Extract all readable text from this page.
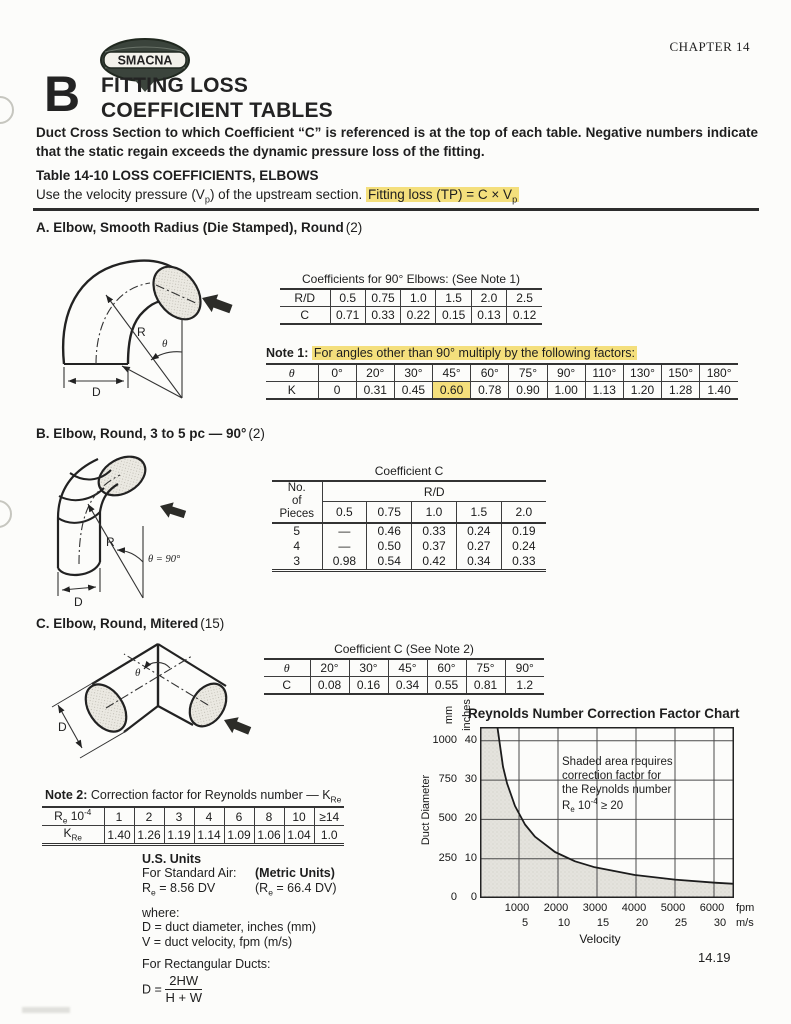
CHAPTER 14
SMACNA
B FITTING LOSS
COEFFICIENT TABLES

Duct Cross Section to which Coefficient “C” is referenced is at the top of each table. Negative numbers indicate that the static regain exceeds the dynamic pressure loss of the fitting.

Table 14-10 LOSS COEFFICIENTS, ELBOWS
Use the velocity pressure $(V_p)$ of the upstream section. Fitting loss $(TP) = C \times V_p$
A. Elbow, Smooth Radius (Die Stamped), Round (2)
R
θ
D
Coefficients for 90° Elbows: (See Note 1)
R/D	0.5	0.75	1.0	1.5	2.0	2.5
C	0.71	0.33	0.22	0.15	0.13	0.12
Note 1: For angles other than 90° multiply by the following factors:
θ	0°	20°	30°	45°	60°	75°	90°	110°	130°	150°	180°
K	0	0.31	0.45	0.60	0.78	0.90	1.00	1.13	1.20	1.28	1.40
B. Elbow, Round, 3 to 5 pc — 90° (2)
R
θ = 90°
D
Coefficient C
No.
of
Pieces	R/D				
	0.5	0.75	1.0	1.5	2.0
5	—	0.46	0.33	0.24	0.19
4	—	0.50	0.37	0.27	0.24
3	0.98	0.54	0.42	0.34	0.33
C. Elbow, Round, Mitered (15)
θ
D
Coefficient C (See Note 2)
θ	20°	30°	45°	60°	75°	90°
C	0.08	0.16	0.34	0.55	0.81	1.2
Note 2: Correction factor for Reynolds number — $K_{Re}$
$R_e$ $10^{-4}$	1	2	3	4	6	8	10	≥14
$K_{Re}$	1.40	1.26	1.19	1.14	1.09	1.06	1.04	1.0
U.S. Units
For Standard Air: (Metric Units)
$R_e = 8.56$ DV	($R_e = 66.4$ DV)
where:
D = duct diameter, inches (mm)
V = duct velocity, fpm (m/s)
For Rectangular Ducts:
$D = \frac{2HW}{H + W}$
Reynolds Number Correction Factor Chart
mm inches
Duct Diameter
1000
750
500
250
0
40
30
20
10
0
Shaded area requires
correction factor for
the Reynolds number
$R_e$ $10^{-4} \ge 20$
1000	2000	3000	4000	5000	6000	fpm
5	10	15	20	25	30 m/s
Velocity
14.19
